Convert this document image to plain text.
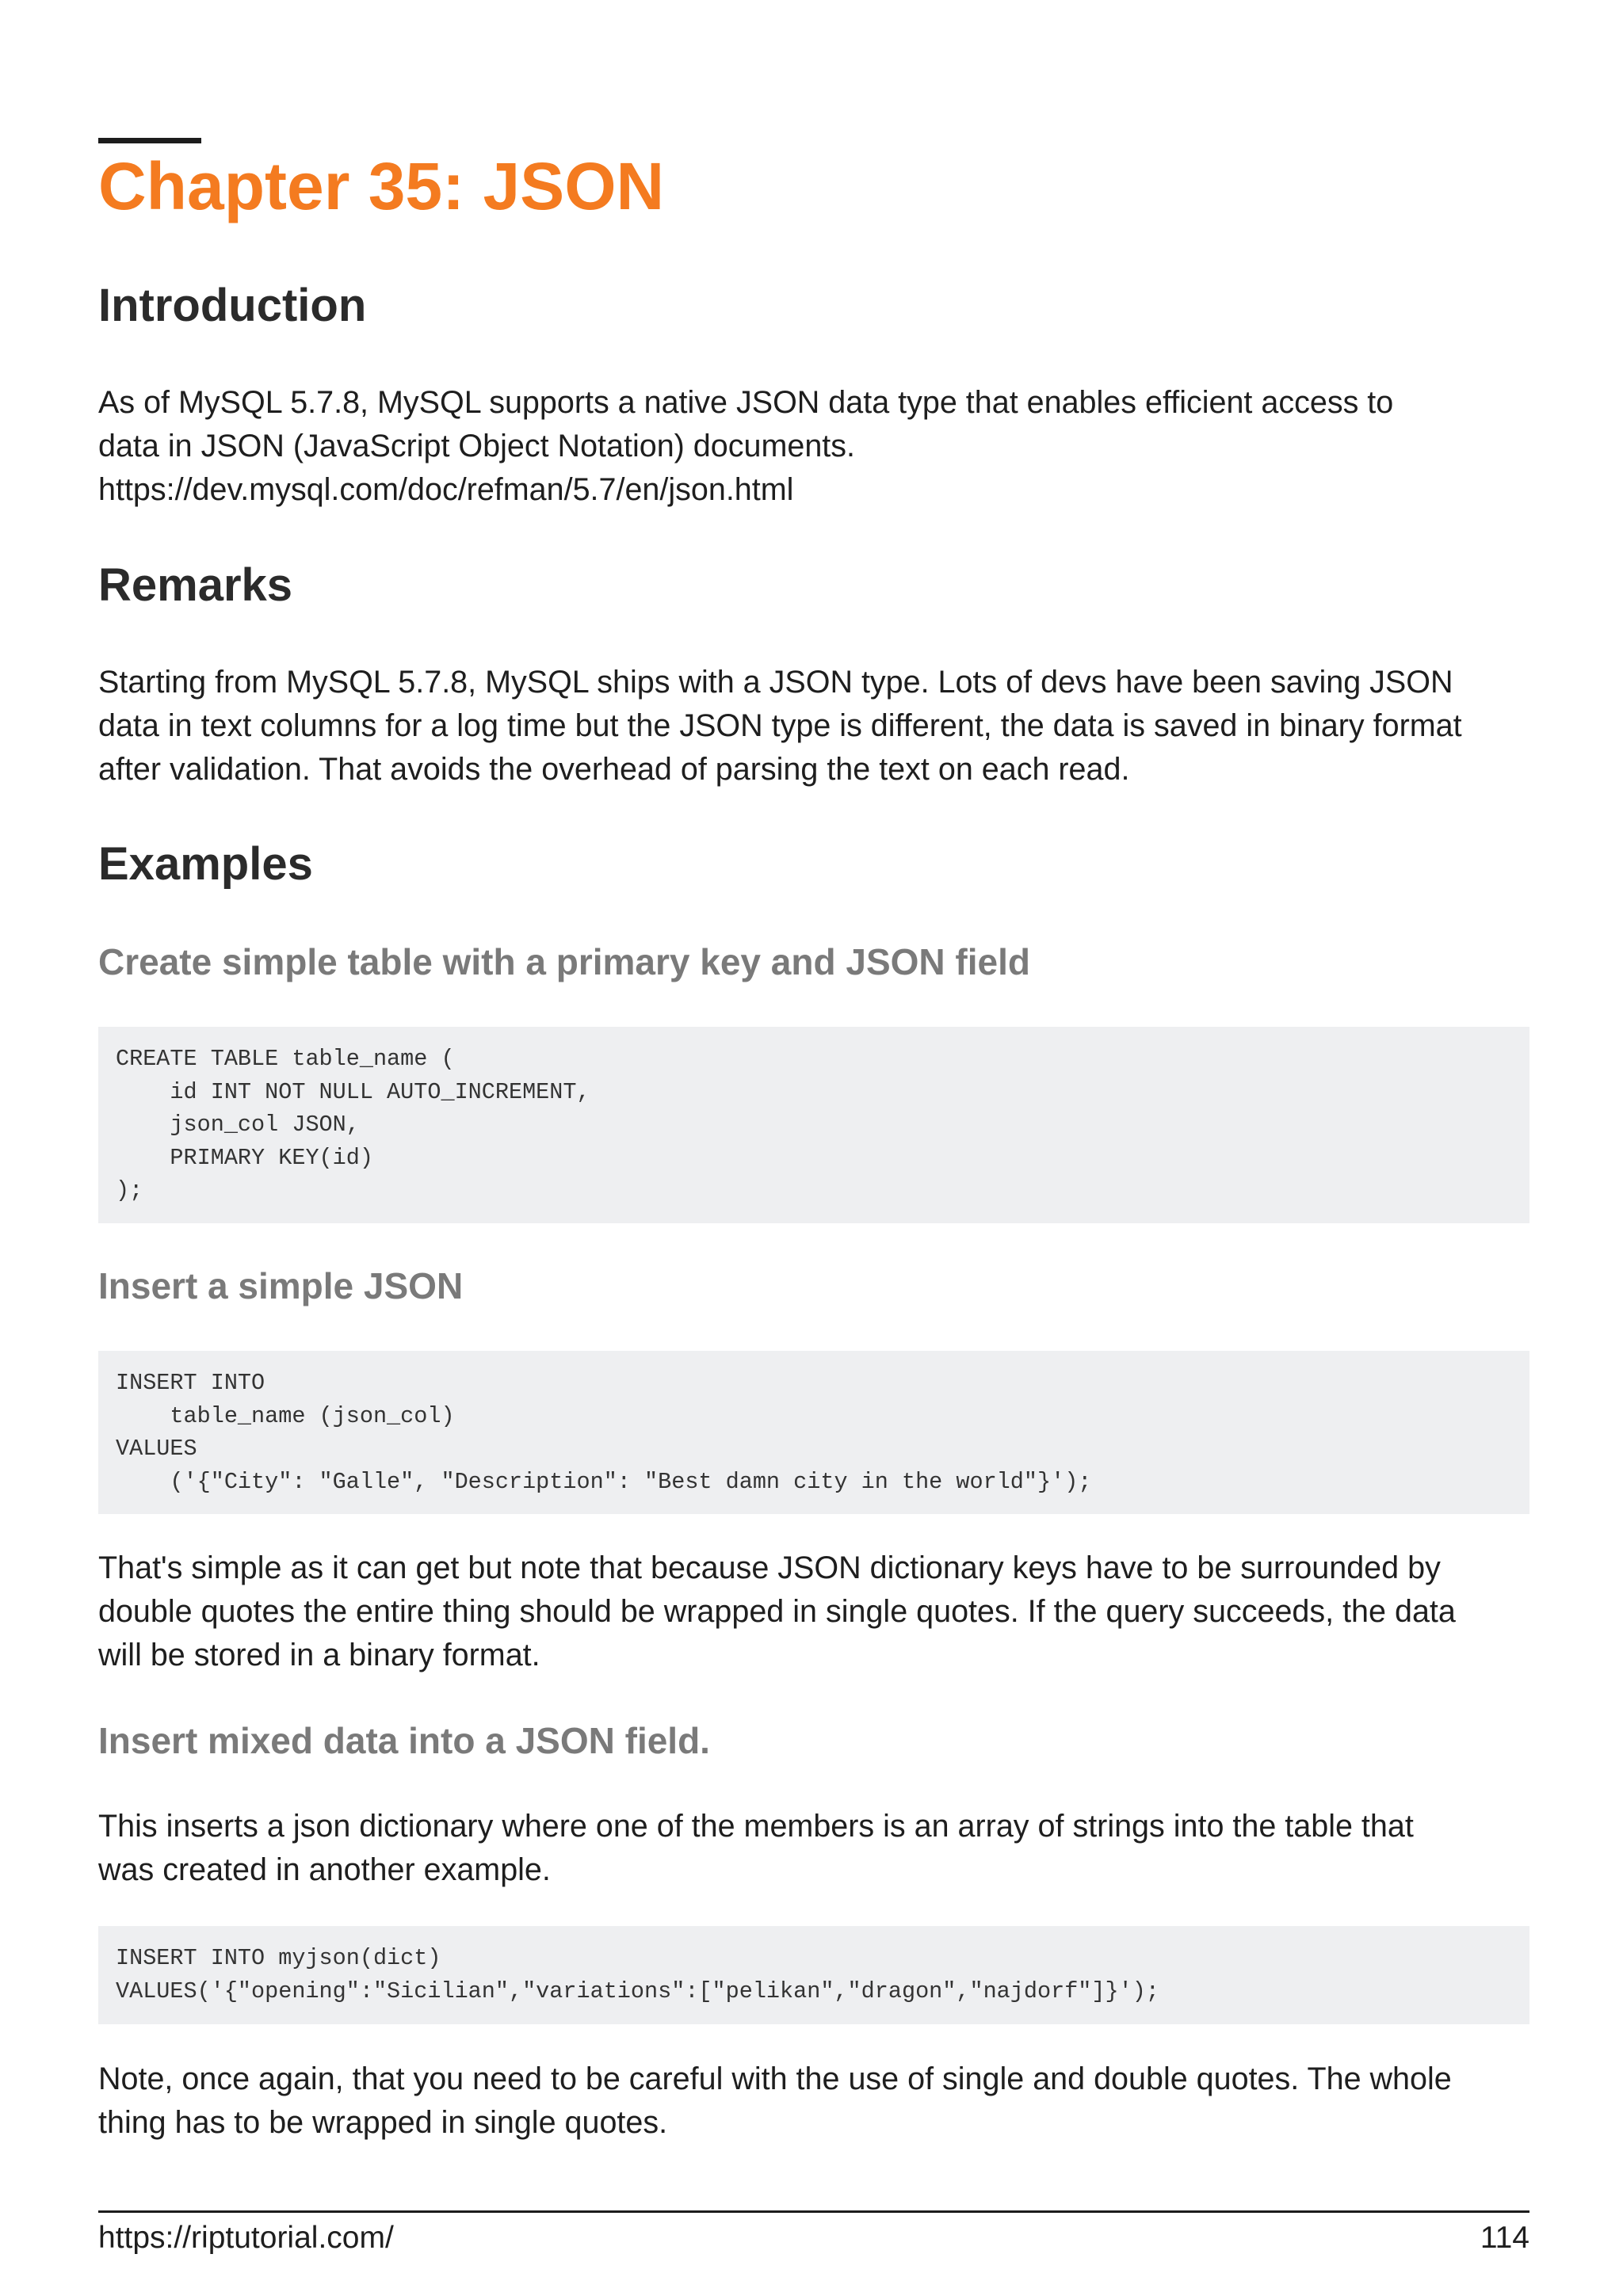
Chapter 35: JSON
Introduction
As of MySQL 5.7.8, MySQL supports a native JSON data type that enables efficient access to
data in JSON (JavaScript Object Notation) documents.
https://dev.mysql.com/doc/refman/5.7/en/json.html
Remarks
Starting from MySQL 5.7.8, MySQL ships with a JSON type. Lots of devs have been saving JSON
data in text columns for a log time but the JSON type is different, the data is saved in binary format
after validation. That avoids the overhead of parsing the text on each read.
Examples
Create simple table with a primary key and JSON field
CREATE TABLE table_name (
id INT NOT NULL AUTO_INCREMENT,
json_col JSON,
PRIMARY KEY(id)
);
Insert a simple JSON
INSERT INTO
table_name (json_col)
VALUES
('{"City": "Galle", "Description": "Best damn city in the world"}');
That's simple as it can get but note that because JSON dictionary keys have to be surrounded by
double quotes the entire thing should be wrapped in single quotes. If the query succeeds, the data
will be stored in a binary format.
Insert mixed data into a JSON field.
This inserts a json dictionary where one of the members is an array of strings into the table that
was created in another example.
INSERT INTO myjson(dict)
VALUES('{"opening":"Sicilian","variations":["pelikan","dragon","najdorf"]}');
Note, once again, that you need to be careful with the use of single and double quotes. The whole
thing has to be wrapped in single quotes.
https://riptutorial.com/	114
